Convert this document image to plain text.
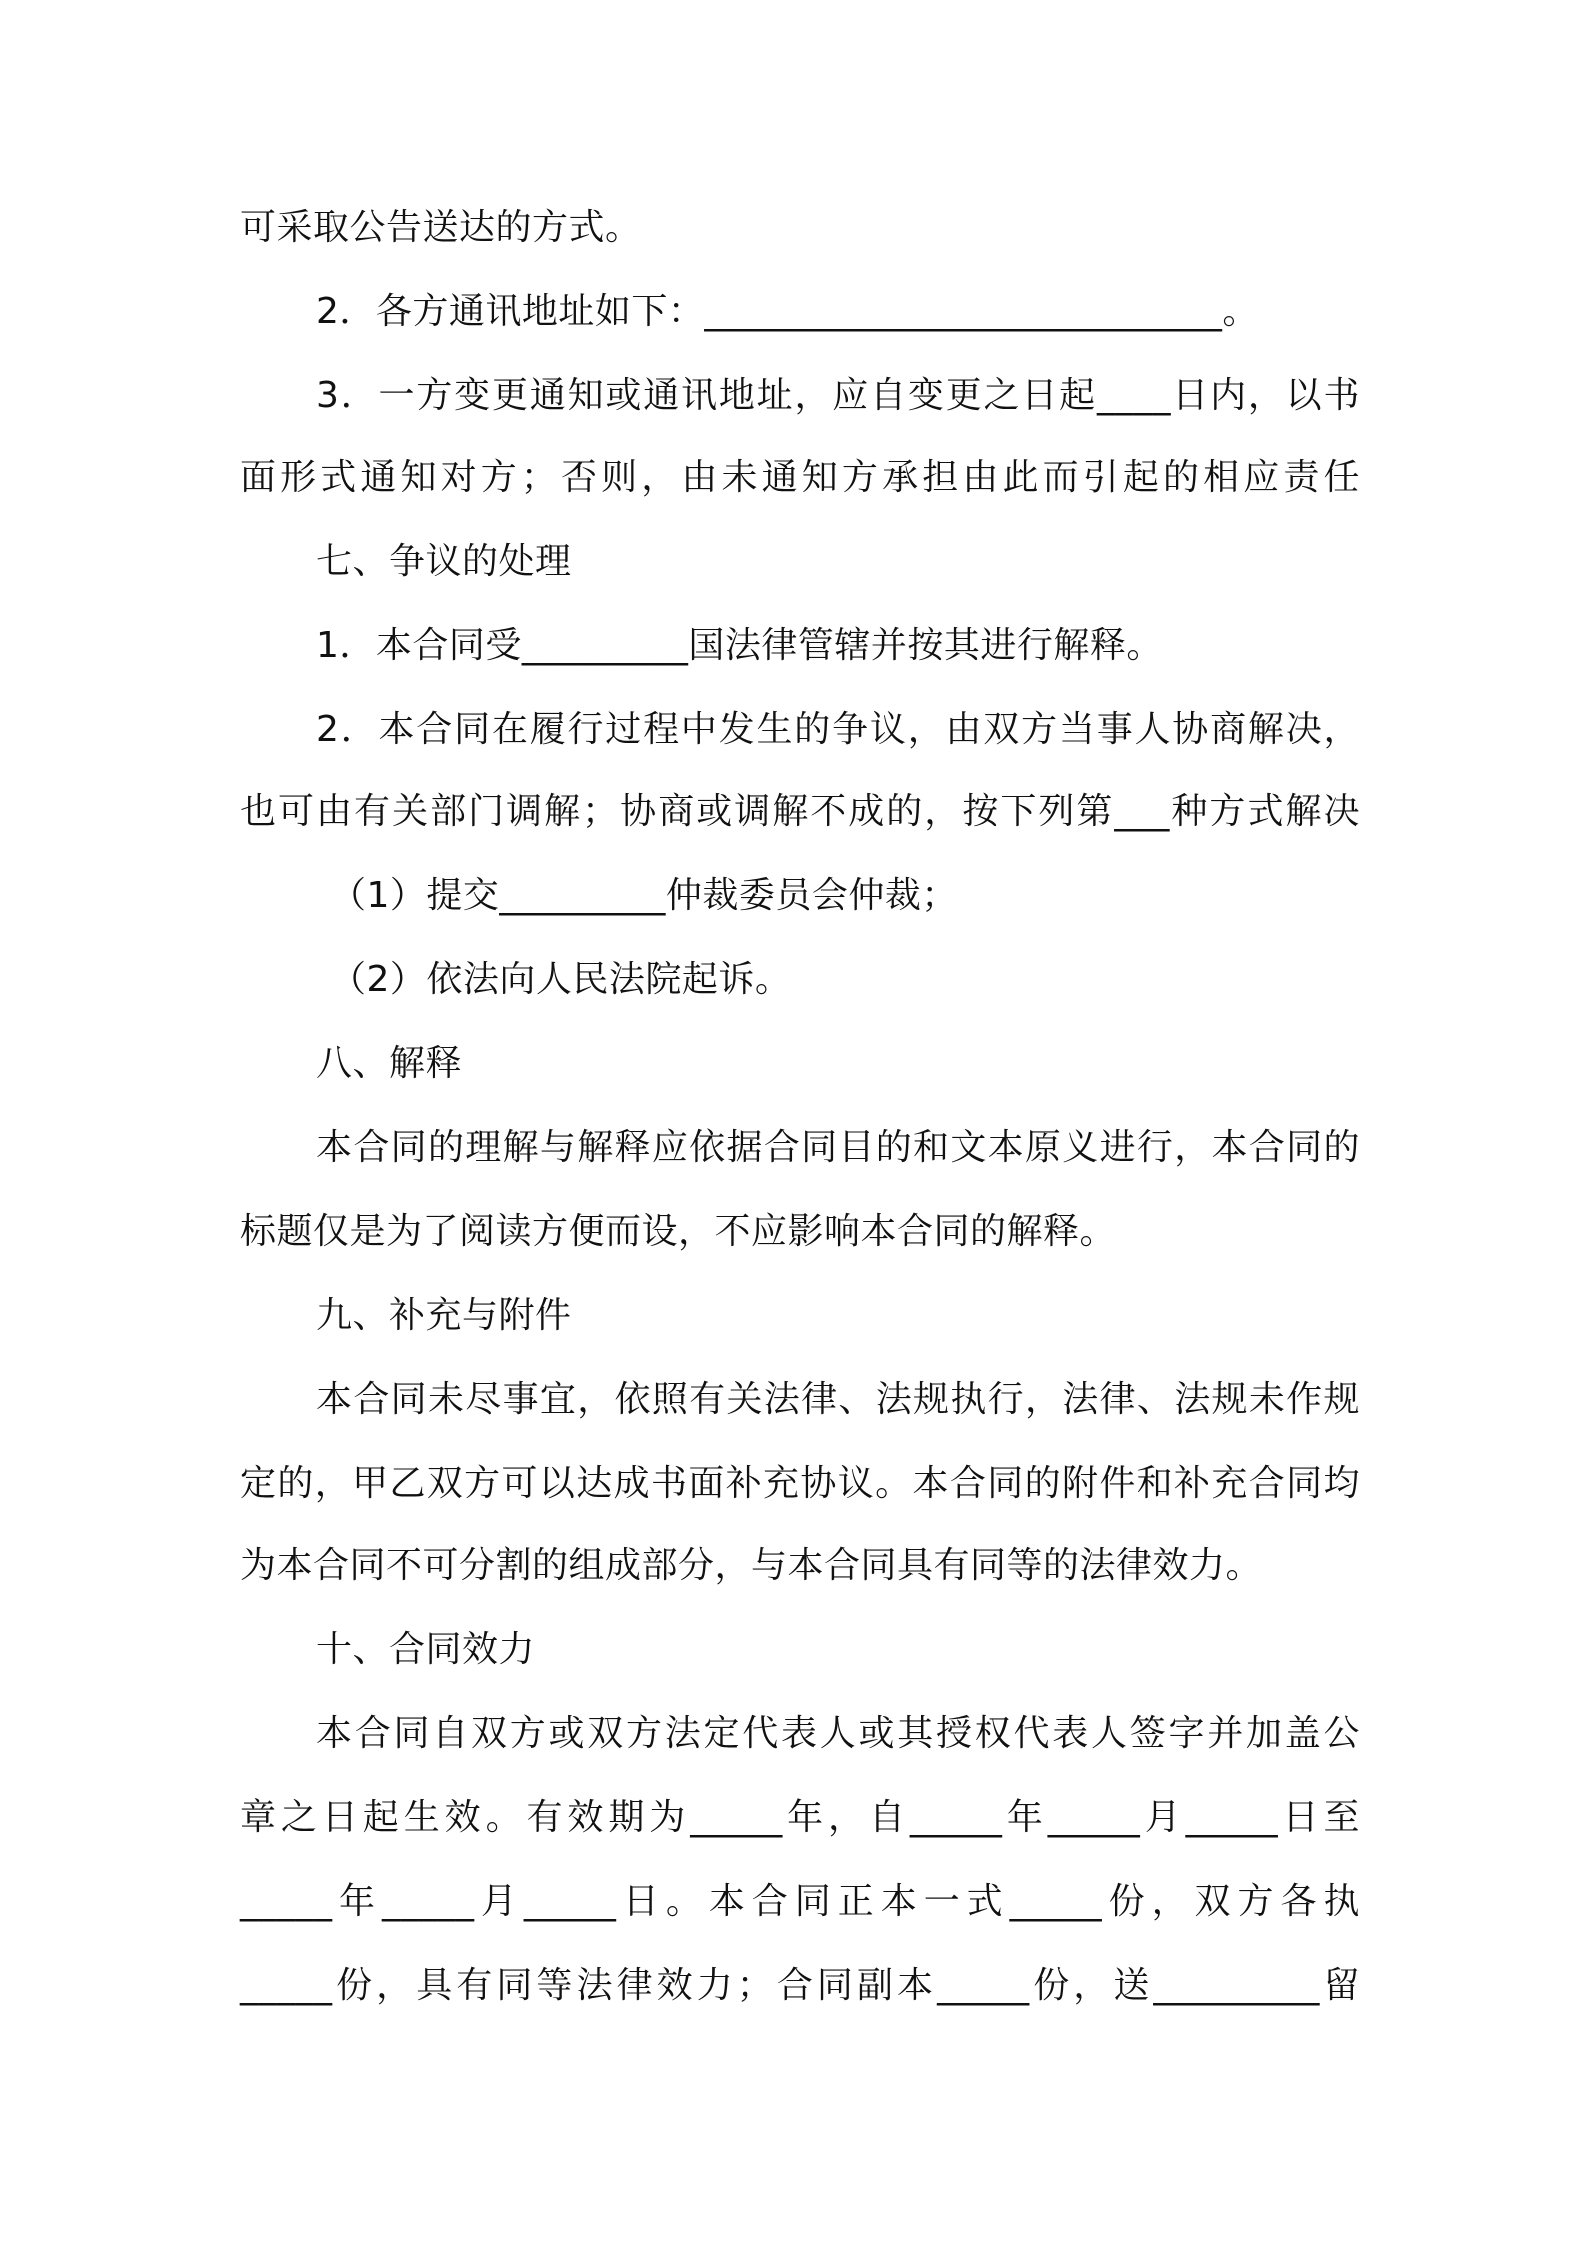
可采取公告送达的方式。
2．各方通讯地址如下：____________________________。
3．一方变更通知或通讯地址，应自变更之日起____日内，以书
面形式通知对方；否则，由未通知方承担由此而引起的相应责任
七、争议的处理
1．本合同受_________国法律管辖并按其进行解释。
2．本合同在履行过程中发生的争议，由双方当事人协商解决，
也可由有关部门调解；协商或调解不成的，按下列第___种方式解决
（1）提交_________仲裁委员会仲裁；
（2）依法向人民法院起诉。
八、解释
本合同的理解与解释应依据合同目的和文本原义进行，本合同的
标题仅是为了阅读方便而设，不应影响本合同的解释。
九、补充与附件
本合同未尽事宜，依照有关法律、法规执行，法律、法规未作规
定的，甲乙双方可以达成书面补充协议。本合同的附件和补充合同均
为本合同不可分割的组成部分，与本合同具有同等的法律效力。
十、合同效力
本合同自双方或双方法定代表人或其授权代表人签字并加盖公
章之日起生效。有效期为_____年，自_____年_____月_____日至
_____年_____月_____日。本合同正本一式_____份，双方各执
_____份，具有同等法律效力；合同副本_____份，送_________留
